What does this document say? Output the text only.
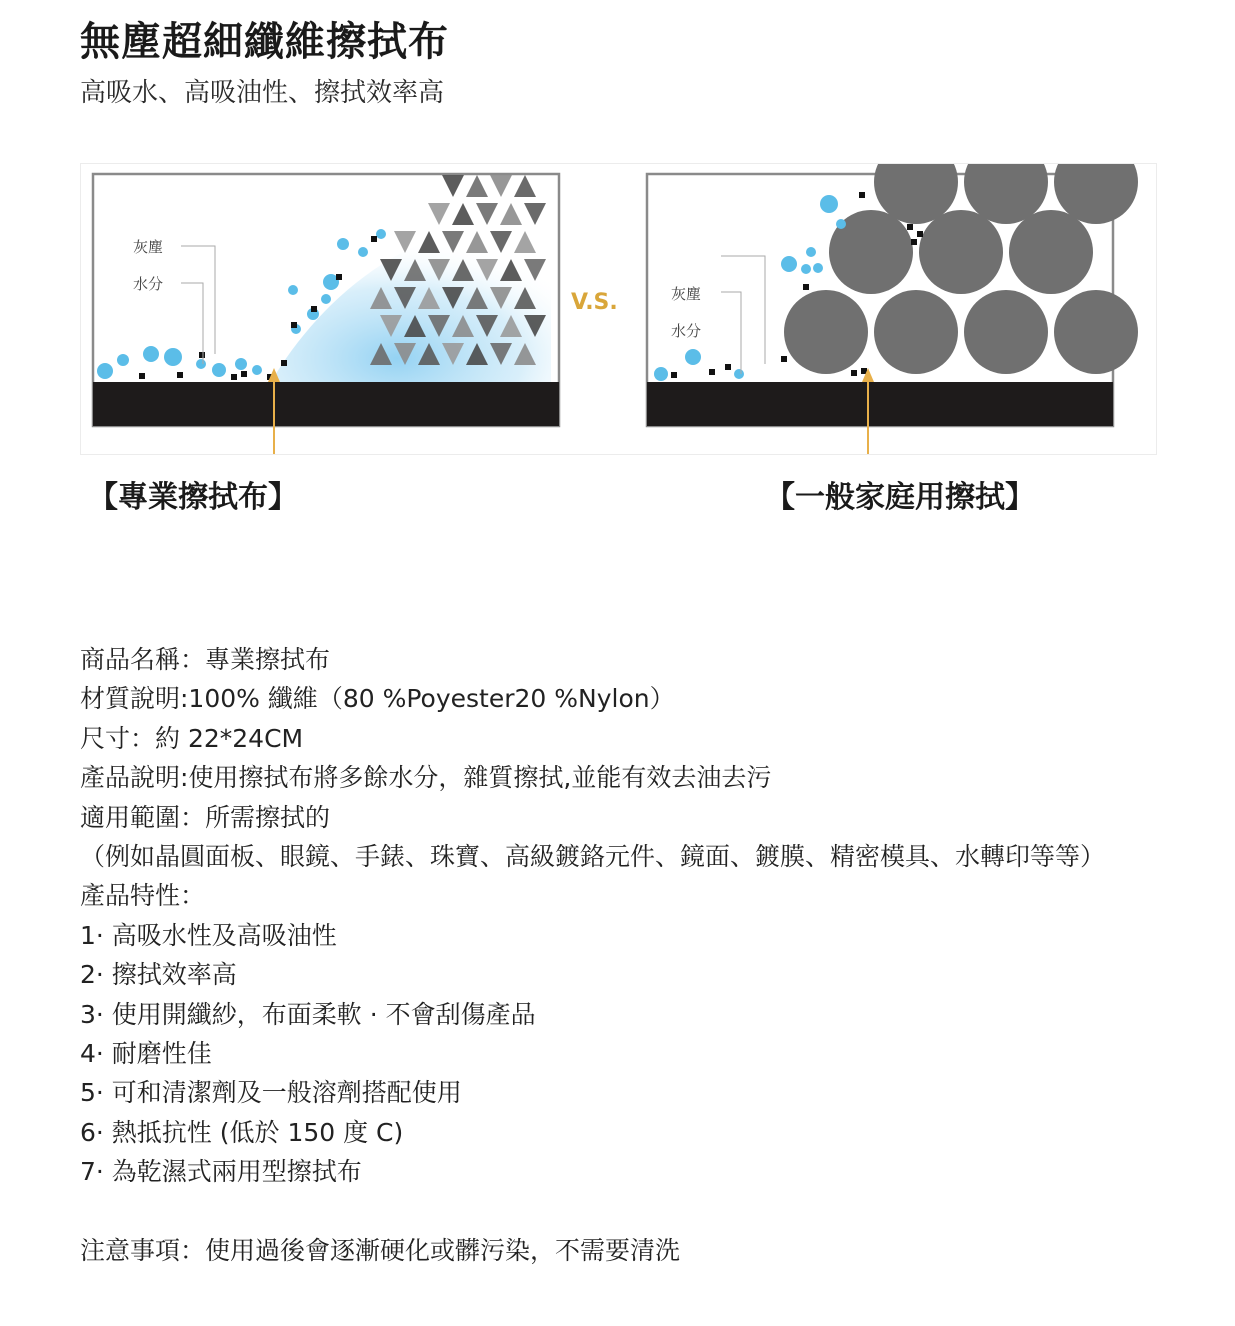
無塵超細纖維擦拭布
高吸水、高吸油性、擦拭效率高
灰塵
水分
V.S.	灰塵
水分
【專業擦拭布】	【一般家庭用擦拭】
商品名稱：專業擦拭布
材質說明:100% 纖維（80 %Poyester20 %Nylon）
尺寸：約 22*24CM
產品說明:使用擦拭布將多餘水分，雜質擦拭,並能有效去油去污
適用範圍：所需擦拭的
（例如晶圓面板、眼鏡、手錶、珠寶、高級鍍鉻元件、鏡面、鍍膜、精密模具、水轉印等等）
產品特性：
1· 高吸水性及高吸油性
2· 擦拭效率高
3· 使用開纖紗，布面柔軟 · 不會刮傷產品
4· 耐磨性佳
5· 可和清潔劑及一般溶劑搭配使用
6· 熱抵抗性 (低於 150 度 C)
7· 為乾濕式兩用型擦拭布
注意事項：使用過後會逐漸硬化或髒污染，不需要清洗
